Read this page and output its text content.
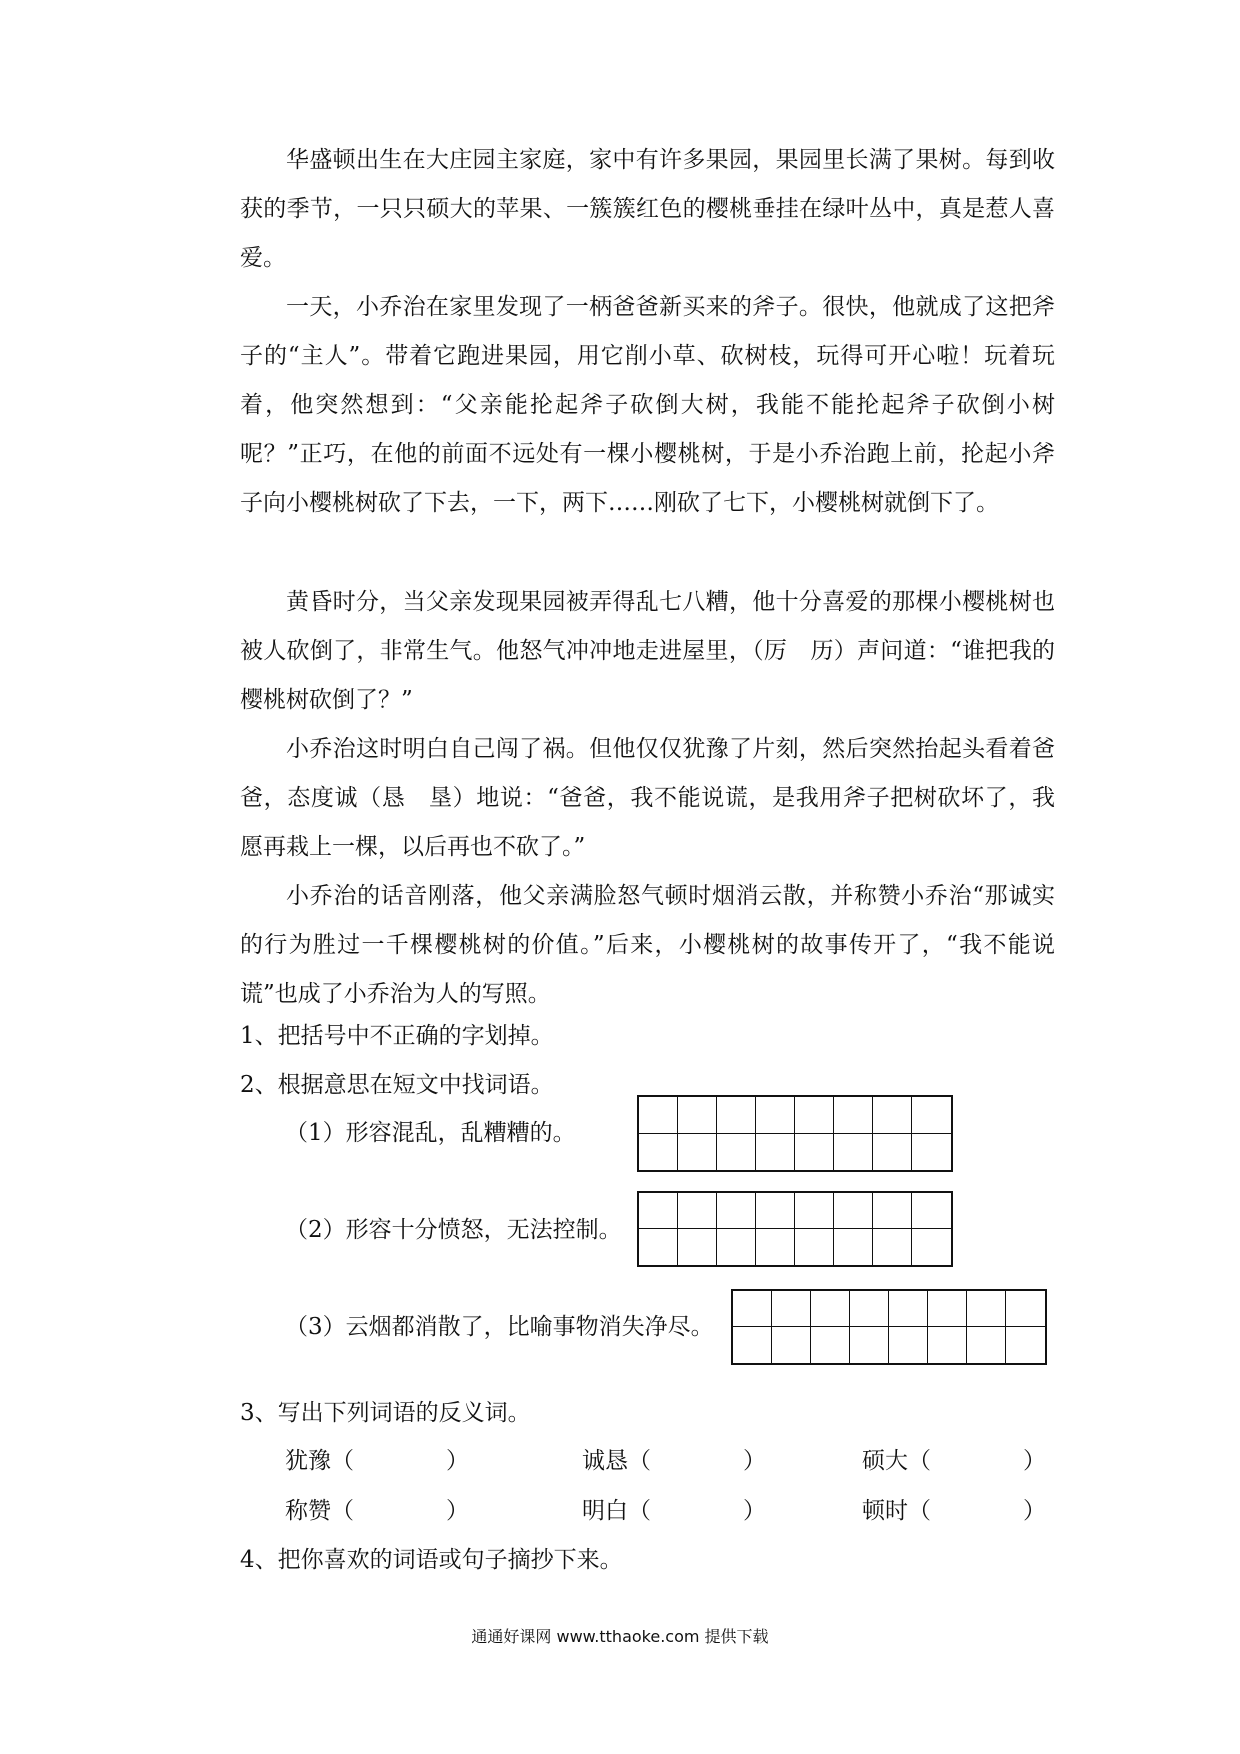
华盛顿出生在大庄园主家庭，家中有许多果园，果园里长满了果树。每到收获的季节，一只只硕大的苹果、一簇簇红色的樱桃垂挂在绿叶丛中，真是惹人喜爱。

一天，小乔治在家里发现了一柄爸爸新买来的斧子。很快，他就成了这把斧子的“主人”。带着它跑进果园，用它削小草、砍树枝，玩得可开心啦！玩着玩着，他突然想到：“父亲能抡起斧子砍倒大树，我能不能抡起斧子砍倒小树呢？”正巧，在他的前面不远处有一棵小樱桃树，于是小乔治跑上前，抡起小斧子向小樱桃树砍了下去，一下，两下……刚砍了七下，小樱桃树就倒下了。

黄昏时分，当父亲发现果园被弄得乱七八糟，他十分喜爱的那棵小樱桃树也被人砍倒了，非常生气。他怒气冲冲地走进屋里，（厉　历）声问道：“谁把我的樱桃树砍倒了？”

小乔治这时明白自己闯了祸。但他仅仅犹豫了片刻，然后突然抬起头看着爸爸，态度诚（恳　垦）地说：“爸爸，我不能说谎，是我用斧子把树砍坏了，我愿再栽上一棵，以后再也不砍了。”

小乔治的话音刚落，他父亲满脸怒气顿时烟消云散，并称赞小乔治“那诚实的行为胜过一千棵樱桃树的价值。”后来，小樱桃树的故事传开了，“我不能说谎”也成了小乔治为人的写照。

1、把括号中不正确的字划掉。
2、根据意思在短文中找词语。
（1）形容混乱，乱糟糟的。
（2）形容十分愤怒，无法控制。
（3）云烟都消散了，比喻事物消失净尽。
3、写出下列词语的反义词。
犹豫（　　　　）	诚恳（　　　　）	硕大（　　　　）
称赞（　　　　）	明白（　　　　）	顿时（　　　　）
4、把你喜欢的词语或句子摘抄下来。
通通好课网 www.tthaoke.com 提供下载
